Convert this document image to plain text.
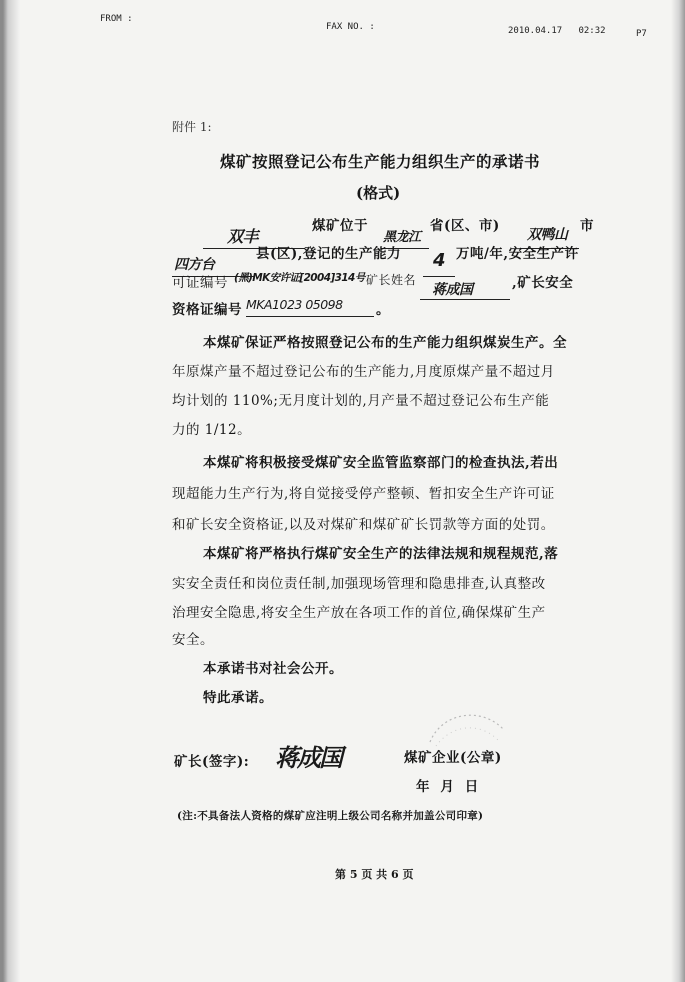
FROM :
FAX NO. :	2010.04.17   02:32	P7
附件 1:
煤矿按照登记公布生产能力组织生产的承诺书
(格式)
双丰
煤矿位于
黑龙江
省(区、市)
双鸭山
市
四方台
县(区),登记的生产能力 4 万吨/年,安全生产许
可证编号 (黑)MK安许证[2004]314号 矿长姓名
蒋成国	,矿长安全
资格证编号 MKA1023 05098 。
本煤矿保证严格按照登记公布的生产能力组织煤炭生产。全
年原煤产量不超过登记公布的生产能力,月度原煤产量不超过月
均计划的 110%;无月度计划的,月产量不超过登记公布生产能
力的 1/12。
本煤矿将积极接受煤矿安全监管监察部门的检查执法,若出
现超能力生产行为,将自觉接受停产整顿、暂扣安全生产许可证
和矿长安全资格证,以及对煤矿和煤矿矿长罚款等方面的处罚。
本煤矿将严格执行煤矿安全生产的法律法规和规程规范,落
实安全责任和岗位责任制,加强现场管理和隐患排查,认真整改
治理安全隐患,将安全生产放在各项工作的首位,确保煤矿生产
安全。
本承诺书对社会公开。
特此承诺。
矿长(签字): 蒋成国	煤矿企业(公章)
年  月  日
(注:不具备法人资格的煤矿应注明上级公司名称并加盖公司印章)
第 5 页 共 6 页
